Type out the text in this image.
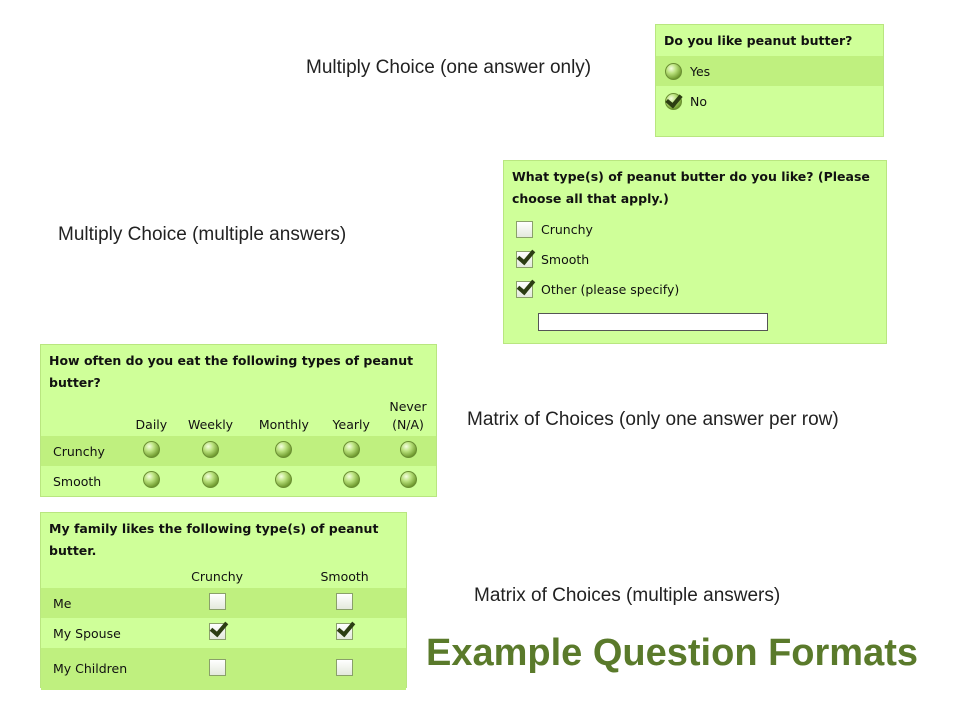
Multiply Choice (one answer only)
Multiply Choice (multiple answers)
Matrix of Choices (only one answer per row)
Matrix of Choices (multiple answers)
Do you like peanut butter?
Yes
No
What type(s) of peanut butter do you like? (Please choose all that apply.)
Crunchy
Smooth
Other (please specify)
How often do you eat the following types of peanut butter?
	Daily	Weekly	Monthly	Yearly	Never (N/A)
Crunchy	

Smooth	

My family likes the following type(s) of peanut butter.
	Crunchy	Smooth
Me	

My Spouse	

My Children	
		Example Question Formats
